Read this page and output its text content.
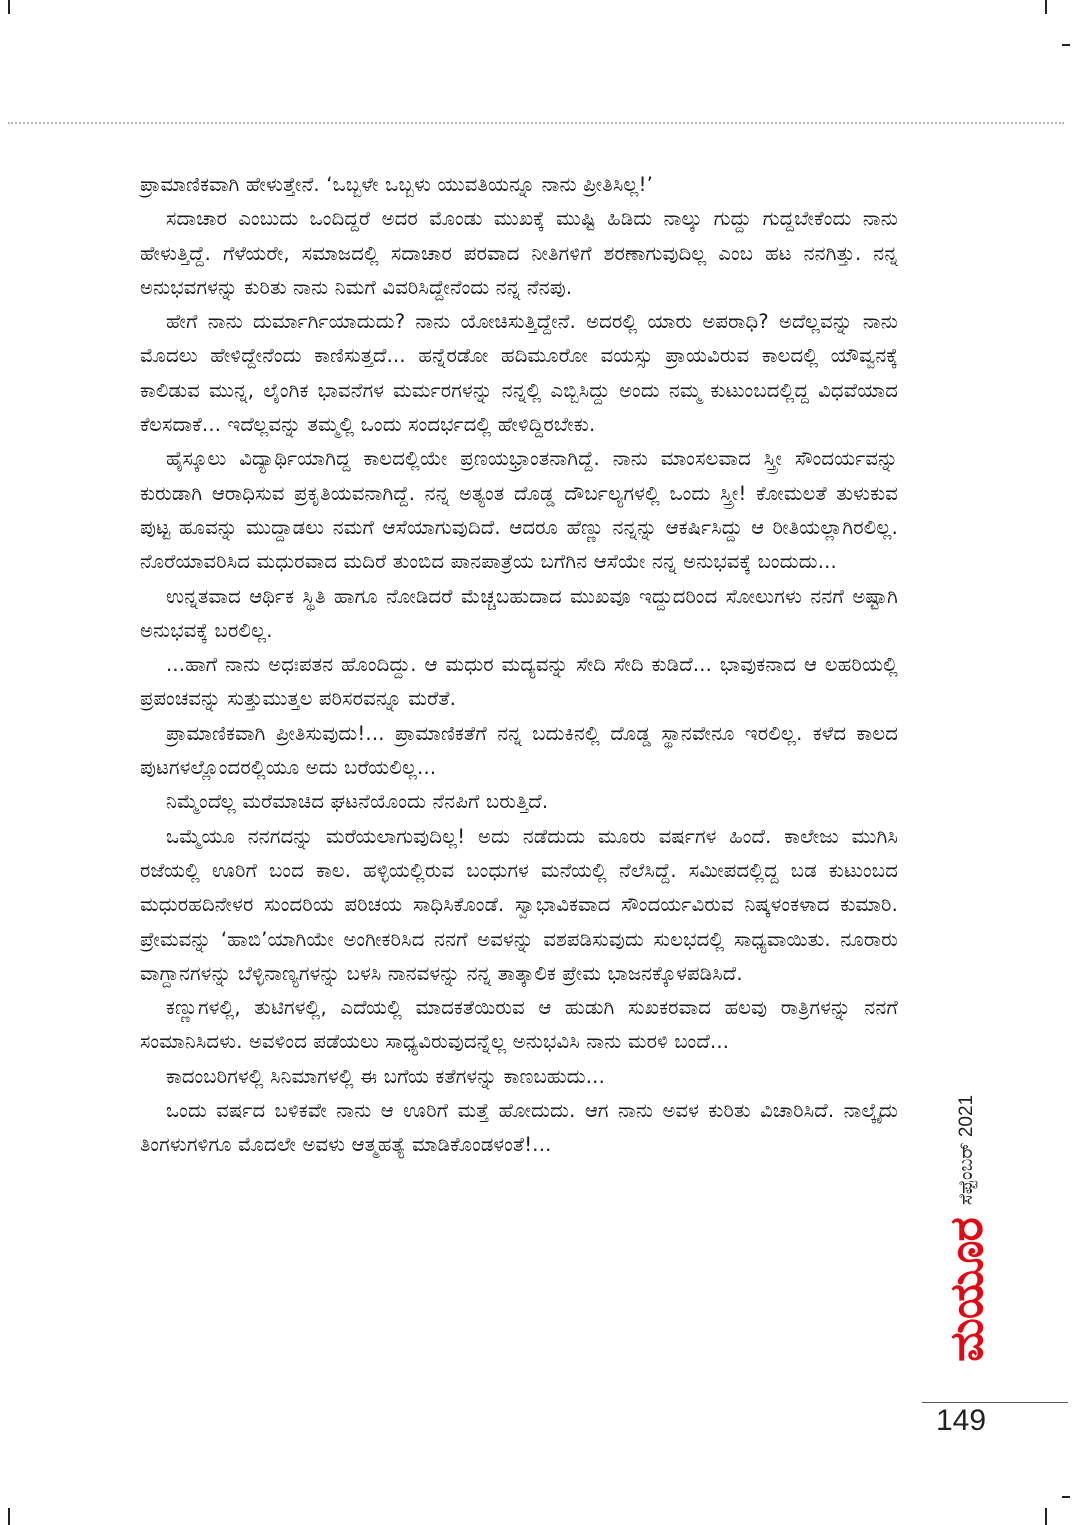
ಪ್ರಾಮಾಣಿಕವಾಗಿ ಹೇಳುತ್ತೇನೆ. ‘ಒಬ್ಬಳೇ ಒಬ್ಬಳು ಯುವತಿಯನ್ನೂ ನಾನು ಪ್ರೀತಿಸಿಲ್ಲ!’

ಸದಾಚಾರ ಎಂಬುದು ಒಂದಿದ್ದರೆ ಅದರ ಮೊಂಡು ಮುಖಕ್ಕೆ ಮುಷ್ಟಿ ಹಿಡಿದು ನಾಲ್ಕು ಗುದ್ದು ಗುದ್ದಬೇಕೆಂದು ನಾನು ಹೇಳುತ್ತಿದ್ದೆ. ಗೆಳೆಯರೇ, ಸಮಾಜದಲ್ಲಿ ಸದಾಚಾರ ಪರವಾದ ನೀತಿಗಳಿಗೆ ಶರಣಾಗುವುದಿಲ್ಲ ಎಂಬ ಹಟ ನನಗಿತ್ತು. ನನ್ನ ಅನುಭವಗಳನ್ನು ಕುರಿತು ನಾನು ನಿಮಗೆ ವಿವರಿಸಿದ್ದೇನೆಂದು ನನ್ನ ನೆನಪು.

ಹೇಗೆ ನಾನು ದುರ್ಮಾರ್ಗಿಯಾದುದು? ನಾನು ಯೋಚಿಸುತ್ತಿದ್ದೇನೆ. ಅದರಲ್ಲಿ ಯಾರು ಅಪರಾಧಿ? ಅದೆಲ್ಲವನ್ನು ನಾನು ಮೊದಲು ಹೇಳಿದ್ದೇನೆಂದು ಕಾಣಿಸುತ್ತದೆ... ಹನ್ನೆರಡೋ ಹದಿಮೂರೋ ವಯಸ್ಸು ಪ್ರಾಯವಿರುವ ಕಾಲದಲ್ಲಿ ಯೌವ್ವನಕ್ಕೆ ಕಾಲಿಡುವ ಮುನ್ನ, ಲೈಂಗಿಕ ಭಾವನೆಗಳ ಮರ್ಮರಗಳನ್ನು ನನ್ನಲ್ಲಿ ಎಬ್ಬಿಸಿದ್ದು ಅಂದು ನಮ್ಮ ಕುಟುಂಬದಲ್ಲಿದ್ದ ವಿಧವೆಯಾದ ಕೆಲಸದಾಕೆ... ಇದೆಲ್ಲವನ್ನು ತಮ್ಮಲ್ಲಿ ಒಂದು ಸಂದರ್ಭದಲ್ಲಿ ಹೇಳಿದ್ದಿರಬೇಕು.

ಹೈಸ್ಕೂಲು ವಿದ್ಯಾರ್ಥಿಯಾಗಿದ್ದ ಕಾಲದಲ್ಲಿಯೇ ಪ್ರಣಯಭ್ರಾಂತನಾಗಿದ್ದೆ. ನಾನು ಮಾಂಸಲವಾದ ಸ್ತ್ರೀ ಸೌಂದರ್ಯವನ್ನು ಕುರುಡಾಗಿ ಆರಾಧಿಸುವ ಪ್ರಕೃತಿಯವನಾಗಿದ್ದೆ. ನನ್ನ ಅತ್ಯಂತ ದೊಡ್ಡ ದೌರ್ಬಲ್ಯಗಳಲ್ಲಿ ಒಂದು ಸ್ತ್ರೀ! ಕೋಮಲತೆ ತುಳುಕುವ ಪುಟ್ಟ ಹೂವನ್ನು ಮುದ್ದಾಡಲು ನಮಗೆ ಆಸೆಯಾಗುವುದಿದೆ. ಆದರೂ ಹೆಣ್ಣು ನನ್ನನ್ನು ಆಕರ್ಷಿಸಿದ್ದು ಆ ರೀತಿಯಲ್ಲಾಗಿರಲಿಲ್ಲ. ನೊರೆಯಾವರಿಸಿದ ಮಧುರವಾದ ಮದಿರೆ ತುಂಬಿದ ಪಾನಪಾತ್ರೆಯ ಬಗೆಗಿನ ಆಸೆಯೇ ನನ್ನ ಅನುಭವಕ್ಕೆ ಬಂದುದು...

ಉನ್ನತವಾದ ಆರ್ಥಿಕ ಸ್ಥಿತಿ ಹಾಗೂ ನೋಡಿದರೆ ಮೆಚ್ಚಬಹುದಾದ ಮುಖವೂ ಇದ್ದುದರಿಂದ ಸೋಲುಗಳು ನನಗೆ ಅಷ್ಟಾಗಿ ಅನುಭವಕ್ಕೆ ಬರಲಿಲ್ಲ.

...ಹಾಗೆ ನಾನು ಅಧಃಪತನ ಹೊಂದಿದ್ದು. ಆ ಮಧುರ ಮದ್ಯವನ್ನು ಸೇದಿ ಸೇದಿ ಕುಡಿದೆ... ಭಾವುಕನಾದ ಆ ಲಹರಿಯಲ್ಲಿ ಪ್ರಪಂಚವನ್ನು ಸುತ್ತುಮುತ್ತಲ ಪರಿಸರವನ್ನೂ ಮರೆತೆ.

ಪ್ರಾಮಾಣಿಕವಾಗಿ ಪ್ರೀತಿಸುವುದು!... ಪ್ರಾಮಾಣಿಕತೆಗೆ ನನ್ನ ಬದುಕಿನಲ್ಲಿ ದೊಡ್ಡ ಸ್ಥಾನವೇನೂ ಇರಲಿಲ್ಲ. ಕಳೆದ ಕಾಲದ ಪುಟಗಳಲ್ಲೊಂದರಲ್ಲಿಯೂ ಅದು ಬರೆಯಲಿಲ್ಲ...

ನಿಮ್ಮೆಂದೆಲ್ಲ ಮರೆಮಾಚಿದ ಘಟನೆಯೊಂದು ನೆನಪಿಗೆ ಬರುತ್ತಿದೆ.

ಒಮ್ಮೆಯೂ ನನಗದನ್ನು ಮರೆಯಲಾಗುವುದಿಲ್ಲ! ಅದು ನಡೆದುದು ಮೂರು ವರ್ಷಗಳ ಹಿಂದೆ. ಕಾಲೇಜು ಮುಗಿಸಿ ರಜೆಯಲ್ಲಿ ಊರಿಗೆ ಬಂದ ಕಾಲ. ಹಳ್ಳಿಯಲ್ಲಿರುವ ಬಂಧುಗಳ ಮನೆಯಲ್ಲಿ ನೆಲೆಸಿದ್ದೆ. ಸಮೀಪದಲ್ಲಿದ್ದ ಬಡ ಕುಟುಂಬದ ಮಧುರಹದಿನೇಳರ ಸುಂದರಿಯ ಪರಿಚಯ ಸಾಧಿಸಿಕೊಂಡೆ. ಸ್ವಾಭಾವಿಕವಾದ ಸೌಂದರ್ಯವಿರುವ ನಿಷ್ಕಳಂಕಳಾದ ಕುಮಾರಿ. ಪ್ರೇಮವನ್ನು ‘ಹಾಬಿ’ಯಾಗಿಯೇ ಅಂಗೀಕರಿಸಿದ ನನಗೆ ಅವಳನ್ನು ವಶಪಡಿಸುವುದು ಸುಲಭದಲ್ಲಿ ಸಾಧ್ಯವಾಯಿತು. ನೂರಾರು ವಾಗ್ದಾನಗಳನ್ನು ಬೆಳ್ಳಿನಾಣ್ಯಗಳನ್ನು ಬಳಸಿ ನಾನವಳನ್ನು ನನ್ನ ತಾತ್ಕಾಲಿಕ ಪ್ರೇಮ ಭಾಜನಕ್ಕೊಳಪಡಿಸಿದೆ.

ಕಣ್ಣುಗಳಲ್ಲಿ, ತುಟಿಗಳಲ್ಲಿ, ಎದೆಯಲ್ಲಿ ಮಾದಕತೆಯಿರುವ ಆ ಹುಡುಗಿ ಸುಖಕರವಾದ ಹಲವು ರಾತ್ರಿಗಳನ್ನು ನನಗೆ ಸಂಮಾನಿಸಿದಳು. ಅವಳಿಂದ ಪಡೆಯಲು ಸಾಧ್ಯವಿರುವುದನ್ನೆಲ್ಲ ಅನುಭವಿಸಿ ನಾನು ಮರಳಿ ಬಂದೆ...

ಕಾದಂಬರಿಗಳಲ್ಲಿ ಸಿನಿಮಾಗಳಲ್ಲಿ ಈ ಬಗೆಯ ಕತೆಗಳನ್ನು ಕಾಣಬಹುದು...

ಒಂದು ವರ್ಷದ ಬಳಿಕವೇ ನಾನು ಆ ಊರಿಗೆ ಮತ್ತೆ ಹೋದುದು. ಆಗ ನಾನು ಅವಳ ಕುರಿತು ವಿಚಾರಿಸಿದೆ. ನಾಲ್ಕೈದು ತಿಂಗಳುಗಳಿಗೂ ಮೊದಲೇ ಅವಳು ಆತ್ಮಹತ್ಯೆ ಮಾಡಿಕೊಂಡಳಂತೆ!...	ಸೆಪ್ಟೆಂಬರ್ 2021
ಮಯೂರ
149
